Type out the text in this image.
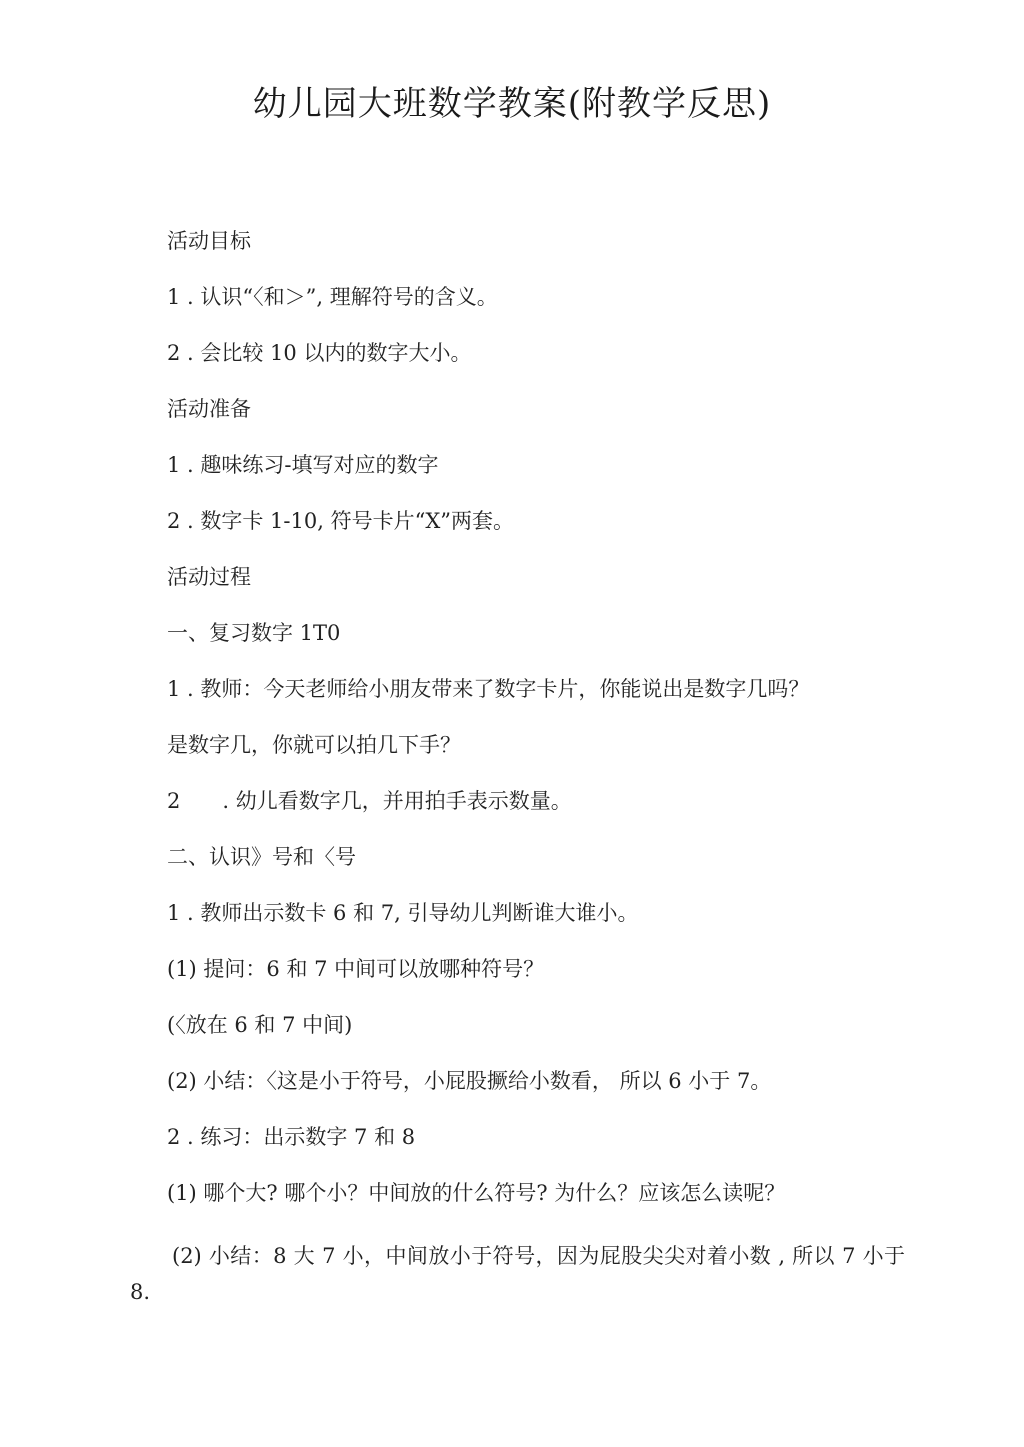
幼儿园大班数学教案(附教学反思)
活动目标
1 . 认识“〈和＞”, 理解符号的含义。
2 . 会比较 10 以内的数字大小。
活动准备
1 . 趣味练习-填写对应的数字
2 . 数字卡 1-10, 符号卡片“X”两套。
活动过程
一、复习数字 1T0
1 . 教师：今天老师给小朋友带来了数字卡片，你能说出是数字几吗？
是数字几，你就可以拍几下手？
2　　. 幼儿看数字几，并用拍手表示数量。
二、认识》号和〈号
1 . 教师出示数卡 6 和 7, 引导幼儿判断谁大谁小。
(1) 提问：6 和 7 中间可以放哪种符号？
(〈放在 6 和 7 中间)
(2) 小结：〈这是小于符号，小屁股撅给小数看， 所以 6 小于 7。
2 . 练习：出示数字 7 和 8
(1) 哪个大? 哪个小？中间放的什么符号? 为什么？应该怎么读呢？
(2) 小结：8 大 7 小，中间放小于符号，因为屁股尖尖对着小数 , 所以 7 小于 8.
